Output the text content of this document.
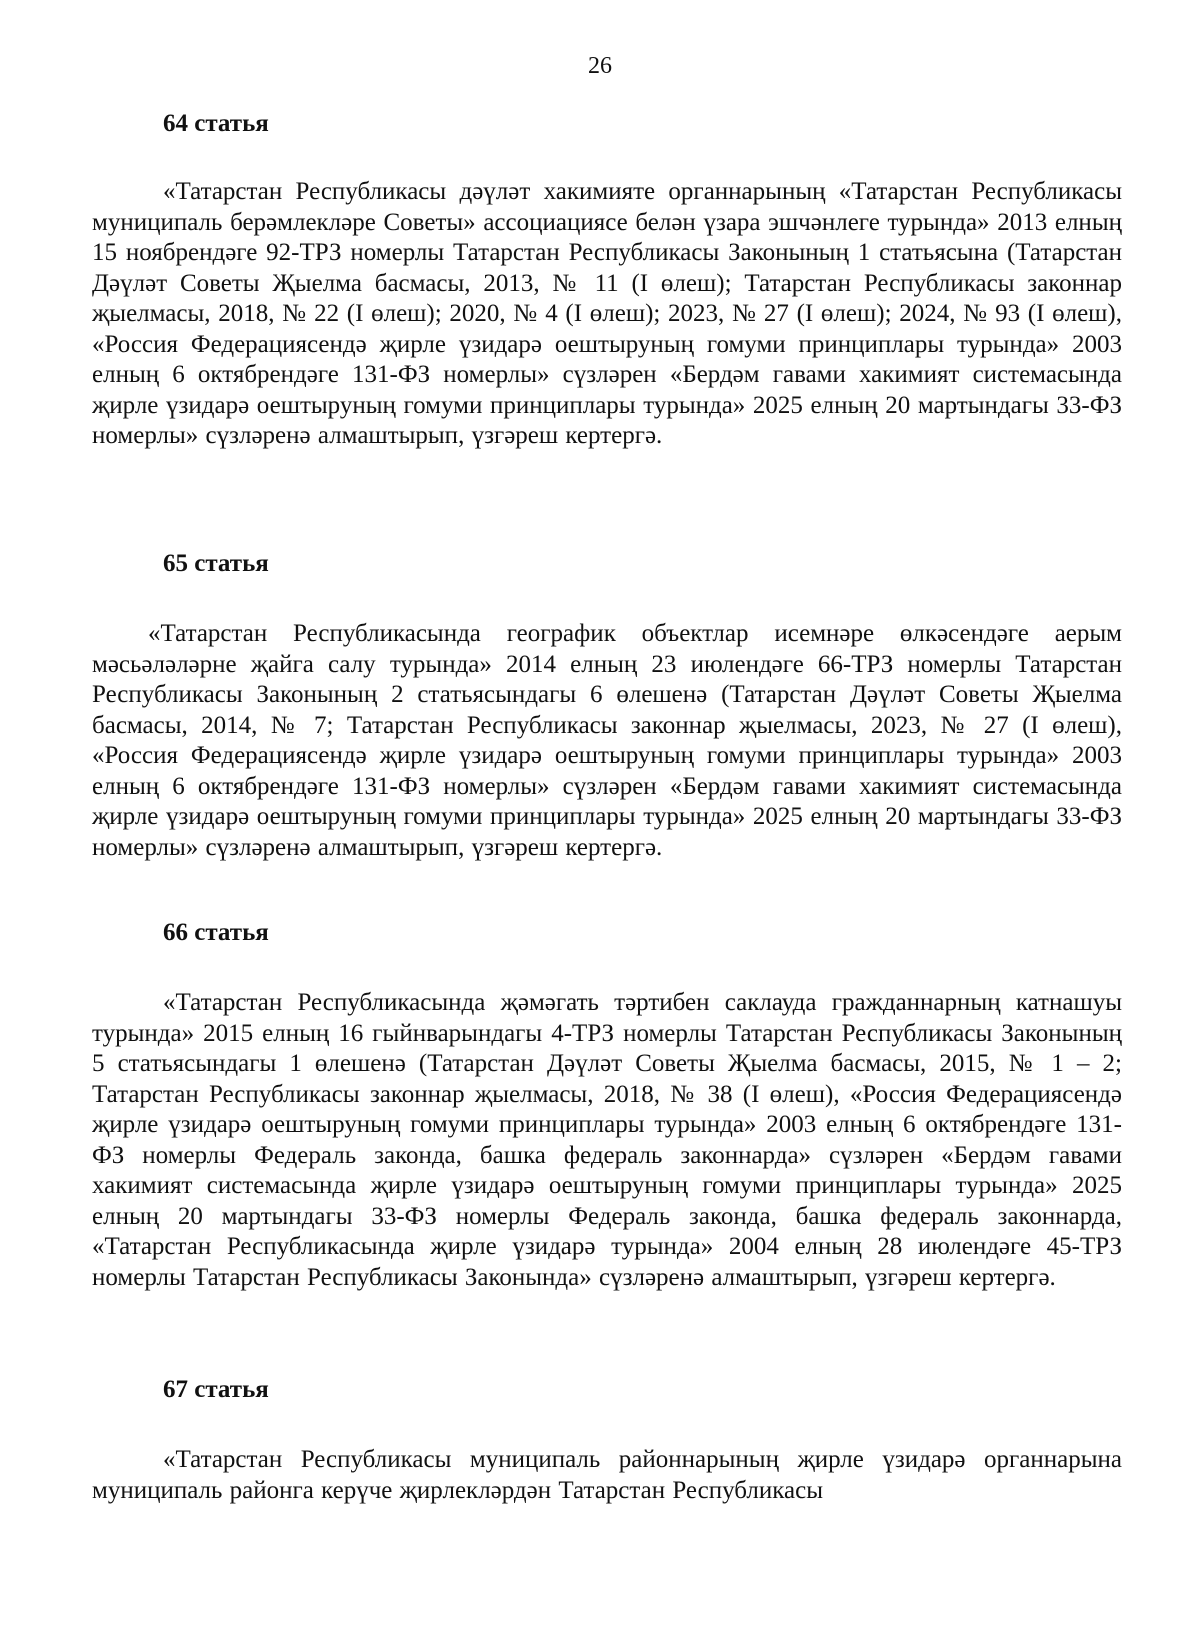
26

64 статья

«Татарстан Республикасы дәүләт хакимияте органнарының «Татарстан Республикасы муниципаль берәмлекләре Советы» ассоциациясе белән үзара эшчәнлеге турында» 2013 елның 15 ноябрендәге 92-ТРЗ номерлы Татарстан Республикасы Законының 1 статьясына (Татарстан Дәүләт Советы Җыелма басмасы, 2013, № 11 (I өлеш); Татарстан Республикасы законнар җыелмасы, 2018, № 22 (I өлеш); 2020, № 4 (I өлеш); 2023, № 27 (I өлеш); 2024, № 93 (I өлеш), «Россия Федерациясендә җирле үзидарә оештыруның гомуми принциплары турында» 2003 елның 6 октябрендәге 131-ФЗ номерлы» сүзләрен «Бердәм гавами хакимият системасында җирле үзидарә оештыруның гомуми принциплары турында» 2025 елның 20 мартындагы 33-ФЗ номерлы» сүзләренә алмаштырып, үзгәреш кертергә.

65 статья

«Татарстан Республикасында географик объектлар исемнәре өлкәсендәге аерым мәсьәләләрне җайга салу турында» 2014 елның 23 июлендәге 66-ТРЗ номерлы Татарстан Республикасы Законының 2 статьясындагы 6 өлешенә (Татарстан Дәүләт Советы Җыелма басмасы, 2014, № 7; Татарстан Республикасы законнар җыелмасы, 2023, № 27 (I өлеш), «Россия Федерациясендә җирле үзидарә оештыруның гомуми принциплары турында» 2003 елның 6 октябрендәге 131-ФЗ номерлы» сүзләрен «Бердәм гавами хакимият системасында җирле үзидарә оештыруның гомуми принциплары турында» 2025 елның 20 мартындагы 33-ФЗ номерлы» сүзләренә алмаштырып, үзгәреш кертергә.

66 статья

«Татарстан Республикасында җәмәгать тәртибен саклауда гражданнарның катнашуы турында» 2015 елның 16 гыйнварындагы 4-ТРЗ номерлы Татарстан Республикасы Законының 5 статьясындагы 1 өлешенә (Татарстан Дәүләт Советы Җыелма басмасы, 2015, № 1 – 2; Татарстан Республикасы законнар җыелмасы, 2018, № 38 (I өлеш), «Россия Федерациясендә җирле үзидарә оештыруның гомуми принциплары турында» 2003 елның 6 октябрендәге 131-ФЗ номерлы Федераль законда, башка федераль законнарда» сүзләрен «Бердәм гавами хакимият системасында җирле үзидарә оештыруның гомуми принциплары турында» 2025 елның 20 мартындагы 33-ФЗ номерлы Федераль законда, башка федераль законнарда, «Татарстан Республикасында җирле үзидарә турында» 2004 елның 28 июлендәге 45-ТРЗ номерлы Татарстан Республикасы Законында» сүзләренә алмаштырып, үзгәреш кертергә.

67 статья

«Татарстан Республикасы муниципаль районнарының җирле үзидарә органнарына муниципаль районга керүче җирлекләрдән Татарстан Республикасы
